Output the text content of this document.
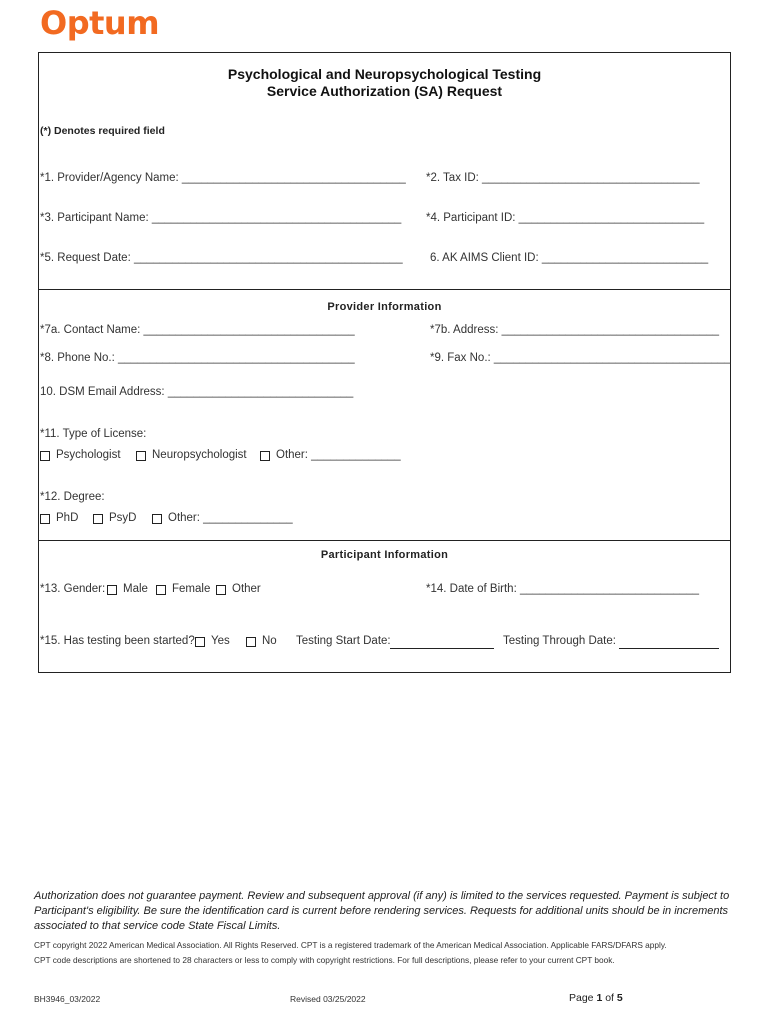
Optum
Psychological and Neuropsychological Testing
Service Authorization (SA) Request
(*) Denotes required field
*1. Provider/Agency Name: ___________________________________ *2. Tax ID: __________________________________
*3. Participant Name: _______________________________________ *4. Participant ID: _____________________________
*5. Request Date: __________________________________________ 6. AK AIMS Client ID: __________________________
Provider Information
*7a. Contact Name: _________________________________	*7b. Address: __________________________________
*8. Phone No.: _____________________________________	*9. Fax No.: _____________________________________
10. DSM Email Address: _____________________________
*11. Type of License:
Psychologist	Neuropsychologist	Other: ______________
*12. Degree:
PhD	PsyD	Other: ______________
Participant Information
*13. Gender: Male Female Other	*14. Date of Birth: ____________________________
*15. Has testing been started? Yes	No Testing Start Date:	Testing Through Date:
Authorization does not guarantee payment. Review and subsequent approval (if any) is limited to the services requested. Payment is subject to Participant's eligibility. Be sure the identification card is current before rendering services. Requests for additional units should be in increments associated to that service code State Fiscal Limits.
CPT copyright 2022 American Medical Association. All Rights Reserved. CPT is a registered trademark of the American Medical Association. Applicable FARS/DFARS apply.
CPT code descriptions are shortened to 28 characters or less to comply with copyright restrictions. For full descriptions, please refer to your current CPT book.
BH3946_03/2022	Revised 03/25/2022	Page 1 of 5
